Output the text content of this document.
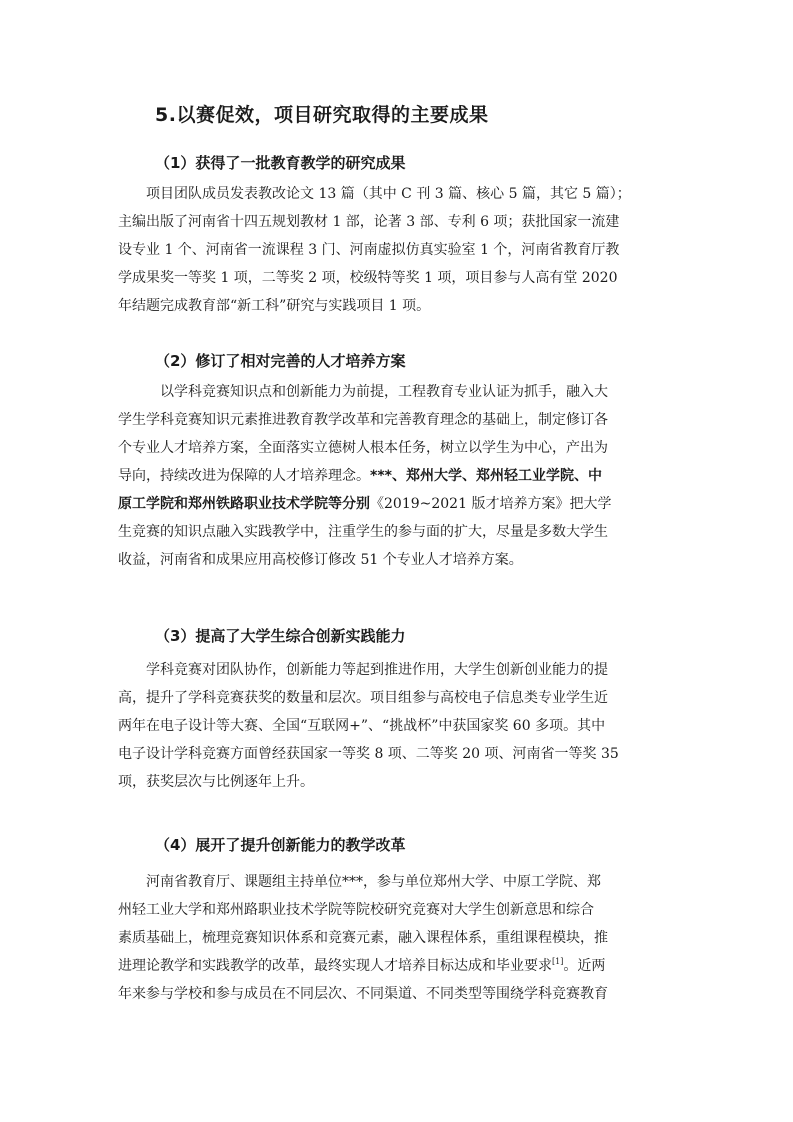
5.以赛促效，项目研究取得的主要成果
（1）获得了一批教育教学的研究成果
项目团队成员发表教改论文 13 篇（其中 C 刊 3 篇、核心 5 篇，其它 5 篇）；
主编出版了河南省十四五规划教材 1 部，论著 3 部、专利 6 项；获批国家一流建
设专业 1 个、河南省一流课程 3 门、河南虚拟仿真实验室 1 个，河南省教育厅教
学成果奖一等奖 1 项，二等奖 2 项，校级特等奖 1 项，项目参与人高有堂 2020
年结题完成教育部“新工科”研究与实践项目 1 项。
（2）修订了相对完善的人才培养方案
以学科竞赛知识点和创新能力为前提，工程教育专业认证为抓手，融入大
学生学科竞赛知识元素推进教育教学改革和完善教育理念的基础上，制定修订各
个专业人才培养方案，全面落实立德树人根本任务，树立以学生为中心，产出为
导向，持续改进为保障的人才培养理念。***、郑州大学、郑州轻工业学院、中
原工学院和郑州铁路职业技术学院等分别《2019~2021 版才培养方案》把大学
生竞赛的知识点融入实践教学中，注重学生的参与面的扩大，尽量是多数大学生
收益，河南省和成果应用高校修订修改 51 个专业人才培养方案。
（3）提高了大学生综合创新实践能力
学科竞赛对团队协作，创新能力等起到推进作用，大学生创新创业能力的提
高，提升了学科竞赛获奖的数量和层次。项目组参与高校电子信息类专业学生近
两年在电子设计等大赛、全国“互联网+”、“挑战杯”中获国家奖 60 多项。其中
电子设计学科竞赛方面曾经获国家一等奖 8 项、二等奖 20 项、河南省一等奖 35
项，获奖层次与比例逐年上升。
（4）展开了提升创新能力的教学改革
河南省教育厅、课题组主持单位***，参与单位郑州大学、中原工学院、郑
州轻工业大学和郑州路职业技术学院等院校研究竞赛对大学生创新意思和综合
素质基础上，梳理竞赛知识体系和竞赛元素，融入课程体系，重组课程模块，推
进理论教学和实践教学的改革，最终实现人才培养目标达成和毕业要求[1]。近两
年来参与学校和参与成员在不同层次、不同渠道、不同类型等围绕学科竞赛教育
